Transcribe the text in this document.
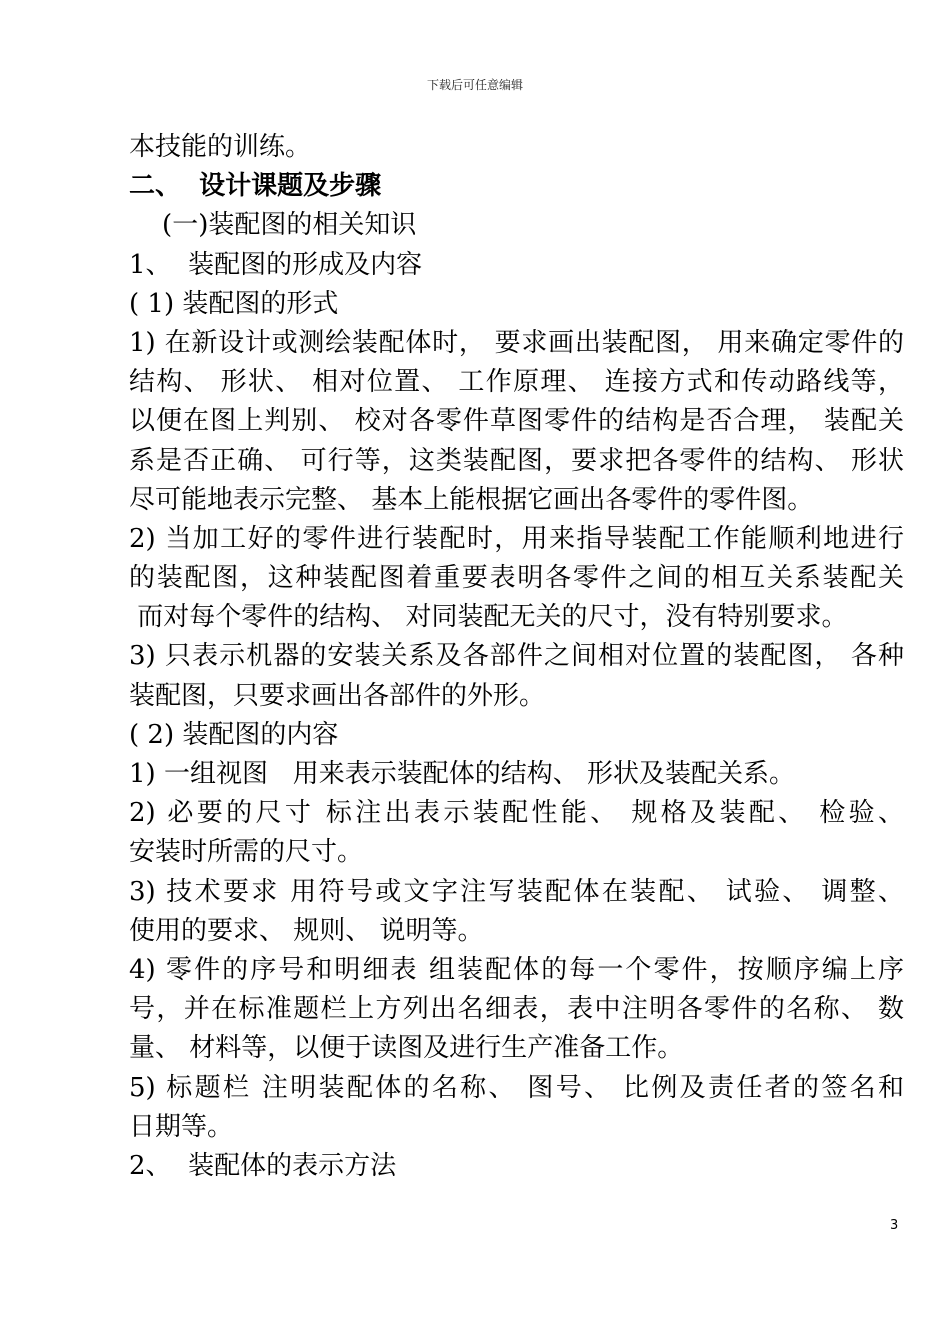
下载后可任意编辑
本技能的训练。
二、  设计课题及步骤
(一)装配图的相关知识
1、  装配图的形成及内容
( 1) 装配图的形式
1) 在新设计或测绘装配体时， 要求画出装配图， 用来确定零件的
结构、 形状、 相对位置、 工作原理、 连接方式和传动路线等，
以便在图上判别、 校对各零件草图零件的结构是否合理， 装配关
系是否正确、 可行等，这类装配图，要求把各零件的结构、 形状
尽可能地表示完整、 基本上能根据它画出各零件的零件图。
2) 当加工好的零件进行装配时，用来指导装配工作能顺利地进行
的装配图，这种装配图着重要表明各零件之间的相互关系装配关
而对每个零件的结构、 对同装配无关的尺寸，没有特别要求。
3) 只表示机器的安装关系及各部件之间相对位置的装配图， 各种
装配图，只要求画出各部件的外形。
( 2) 装配图的内容
1) 一组视图   用来表示装配体的结构、 形状及装配关系。
2) 必要的尺寸 标注出表示装配性能、 规格及装配、 检验、
安装时所需的尺寸。
3) 技术要求 用符号或文字注写装配体在装配、 试验、 调整、
使用的要求、 规则、 说明等。
4) 零件的序号和明细表 组装配体的每一个零件，按顺序编上序
号，并在标准题栏上方列出名细表，表中注明各零件的名称、 数
量、 材料等，以便于读图及进行生产准备工作。
5) 标题栏 注明装配体的名称、 图号、 比例及责任者的签名和
日期等。
2、  装配体的表示方法
3
